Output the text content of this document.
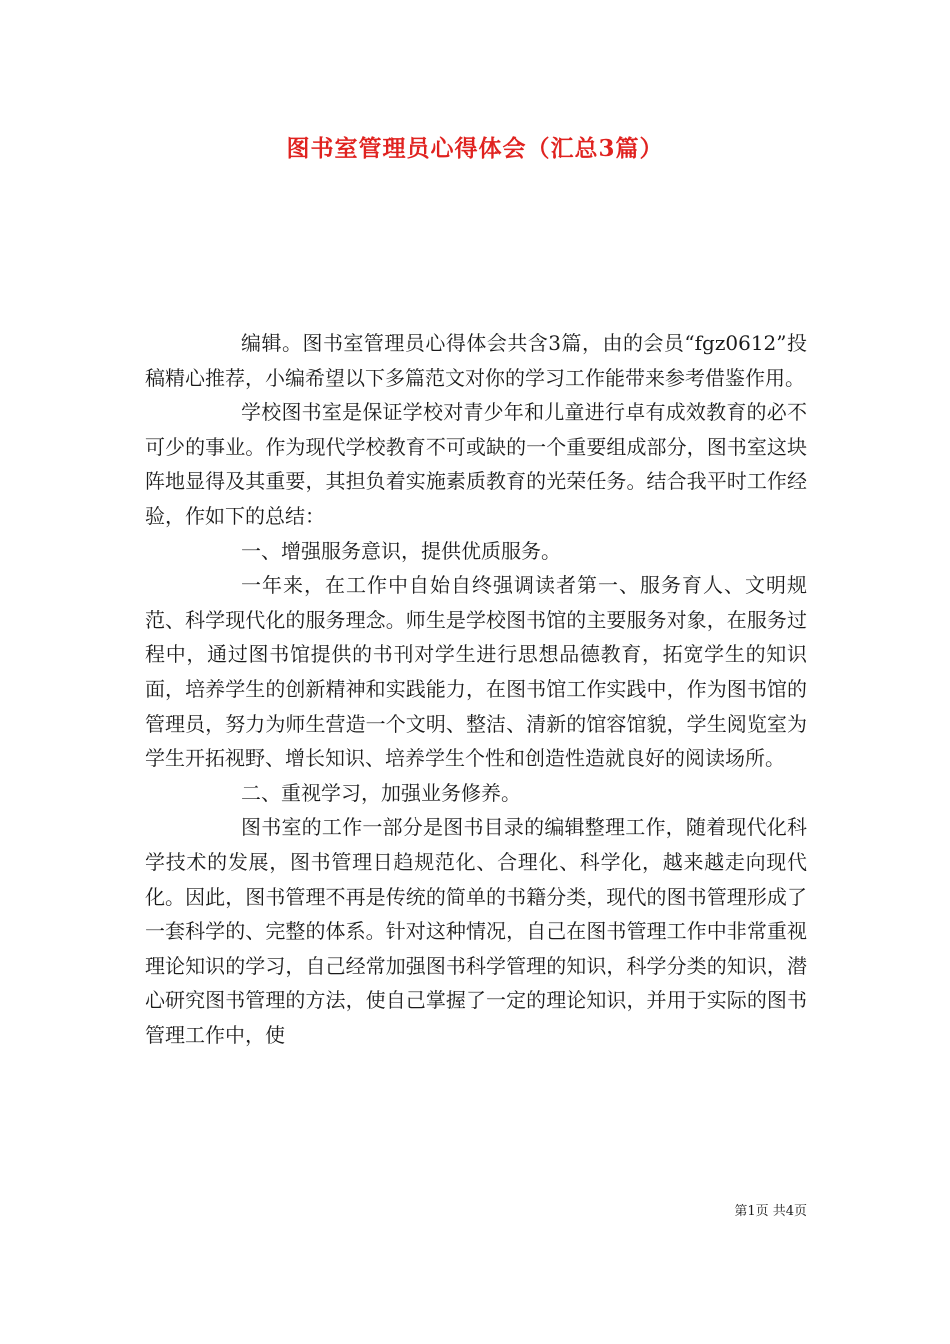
图书室管理员心得体会（汇总3篇）

编辑。图书室管理员心得体会共含3篇，由的会员“fgz0612”投稿精心推荐，小编希望以下多篇范文对你的学习工作能带来参考借鉴作用。

学校图书室是保证学校对青少年和儿童进行卓有成效教育的必不可少的事业。作为现代学校教育不可或缺的一个重要组成部分，图书室这块阵地显得及其重要，其担负着实施素质教育的光荣任务。结合我平时工作经验，作如下的总结：

一、增强服务意识，提供优质服务。

一年来，在工作中自始自终强调读者第一、服务育人、文明规范、科学现代化的服务理念。师生是学校图书馆的主要服务对象，在服务过程中，通过图书馆提供的书刊对学生进行思想品德教育，拓宽学生的知识面，培养学生的创新精神和实践能力，在图书馆工作实践中，作为图书馆的管理员，努力为师生营造一个文明、整洁、清新的馆容馆貌，学生阅览室为学生开拓视野、增长知识、培养学生个性和创造性造就良好的阅读场所。

二、重视学习，加强业务修养。

图书室的工作一部分是图书目录的编辑整理工作，随着现代化科学技术的发展，图书管理日趋规范化、合理化、科学化，越来越走向现代化。因此，图书管理不再是传统的简单的书籍分类，现代的图书管理形成了一套科学的、完整的体系。针对这种情况，自己在图书管理工作中非常重视理论知识的学习，自己经常加强图书科学管理的知识，科学分类的知识，潜心研究图书管理的方法，使自己掌握了一定的理论知识，并用于实际的图书管理工作中，使

第1页 共4页
